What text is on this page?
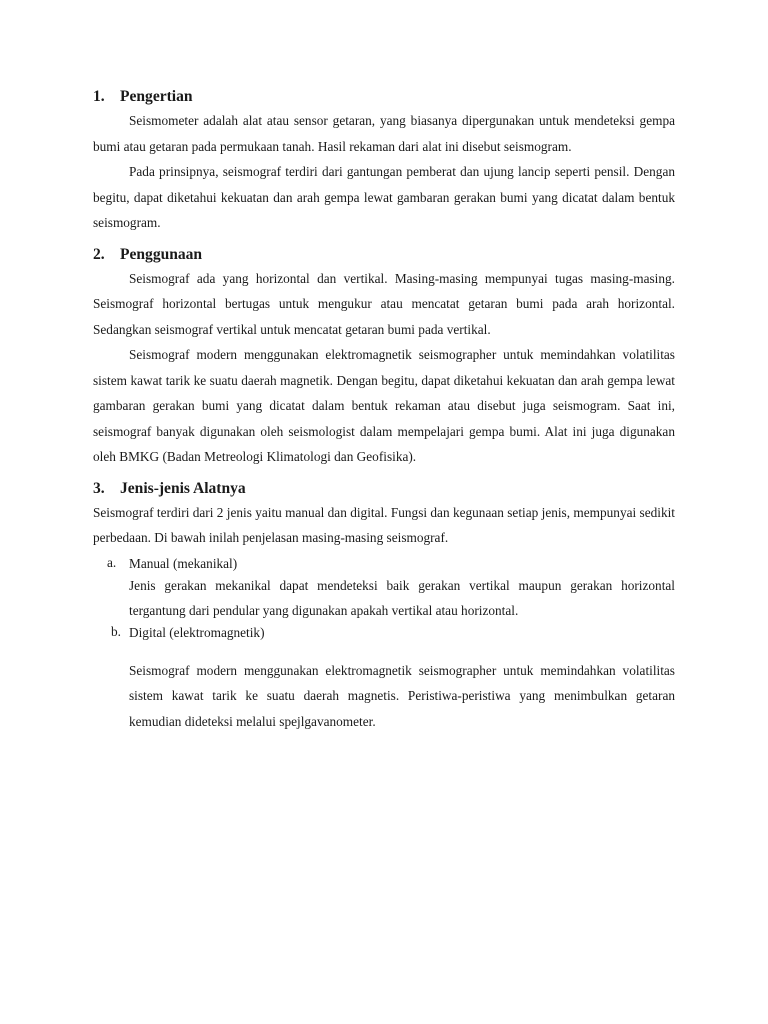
1. Pengertian

Seismometer adalah alat atau sensor getaran, yang biasanya dipergunakan untuk mendeteksi gempa bumi atau getaran pada permukaan tanah. Hasil rekaman dari alat ini disebut seismogram.

Pada prinsipnya, seismograf terdiri dari gantungan pemberat dan ujung lancip seperti pensil. Dengan begitu, dapat diketahui kekuatan dan arah gempa lewat gambaran gerakan bumi yang dicatat dalam bentuk seismogram.

2. Penggunaan

Seismograf ada yang horizontal dan vertikal. Masing-masing mempunyai tugas masing-masing. Seismograf horizontal bertugas untuk mengukur atau mencatat getaran bumi pada arah horizontal. Sedangkan seismograf vertikal untuk mencatat getaran bumi pada vertikal.

Seismograf modern menggunakan elektromagnetik seismographer untuk memindahkan volatilitas sistem kawat tarik ke suatu daerah magnetik. Dengan begitu, dapat diketahui kekuatan dan arah gempa lewat gambaran gerakan bumi yang dicatat dalam bentuk rekaman atau disebut juga seismogram. Saat ini, seismograf banyak digunakan oleh seismologist dalam mempelajari gempa bumi. Alat ini juga digunakan oleh BMKG (Badan Metreologi Klimatologi dan Geofisika).

3. Jenis-jenis Alatnya

Seismograf terdiri dari 2 jenis yaitu manual dan digital. Fungsi dan kegunaan setiap jenis, mempunyai sedikit perbedaan. Di bawah inilah penjelasan masing-masing seismograf.

a. Manual (mekanikal)

Jenis gerakan mekanikal dapat mendeteksi baik gerakan vertikal maupun gerakan horizontal tergantung dari pendular yang digunakan apakah vertikal atau horizontal.

b. Digital (elektromagnetik)

Seismograf modern menggunakan elektromagnetik seismographer untuk memindahkan volatilitas sistem kawat tarik ke suatu daerah magnetis. Peristiwa-peristiwa yang menimbulkan getaran kemudian dideteksi melalui spejlgavanometer.
